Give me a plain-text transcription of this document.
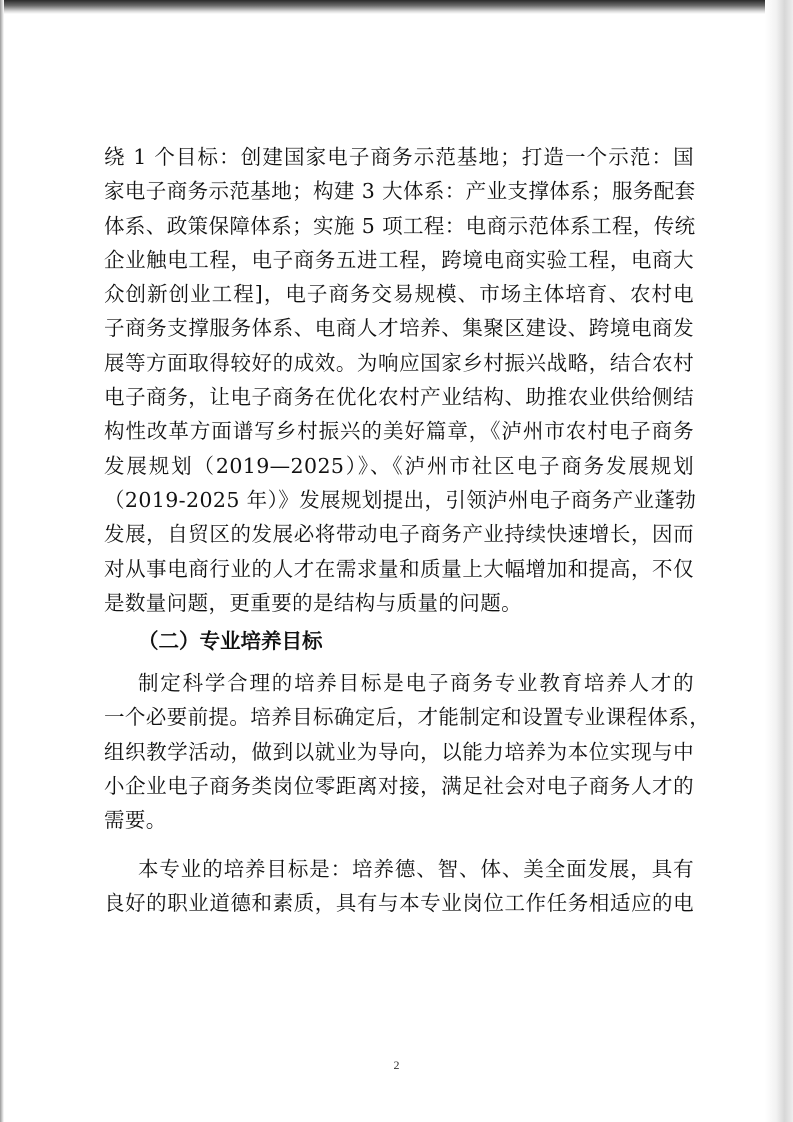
绕 1 个目标：创建国家电子商务示范基地；打造一个示范：国
家电子商务示范基地；构建 3 大体系：产业支撑体系；服务配套
体系、政策保障体系；实施 5 项工程：电商示范体系工程，传统
企业触电工程，电子商务五进工程，跨境电商实验工程，电商大
众创新创业工程]，电子商务交易规模、市场主体培育、农村电
子商务支撑服务体系、电商人才培养、集聚区建设、跨境电商发
展等方面取得较好的成效。为响应国家乡村振兴战略，结合农村
电子商务，让电子商务在优化农村产业结构、助推农业供给侧结
构性改革方面谱写乡村振兴的美好篇章，《泸州市农村电子商务
发展规划（2019—2025）》、《泸州市社区电子商务发展规划
（2019-2025 年）》发展规划提出，引领泸州电子商务产业蓬勃
发展，自贸区的发展必将带动电子商务产业持续快速增长，因而
对从事电商行业的人才在需求量和质量上大幅增加和提高，不仅
是数量问题，更重要的是结构与质量的问题。
（二）专业培养目标
制定科学合理的培养目标是电子商务专业教育培养人才的
一个必要前提。培养目标确定后，才能制定和设置专业课程体系，
组织教学活动，做到以就业为导向，以能力培养为本位实现与中
小企业电子商务类岗位零距离对接，满足社会对电子商务人才的
需要。
本专业的培养目标是：培养德、智、体、美全面发展，具有
良好的职业道德和素质，具有与本专业岗位工作任务相适应的电
2
